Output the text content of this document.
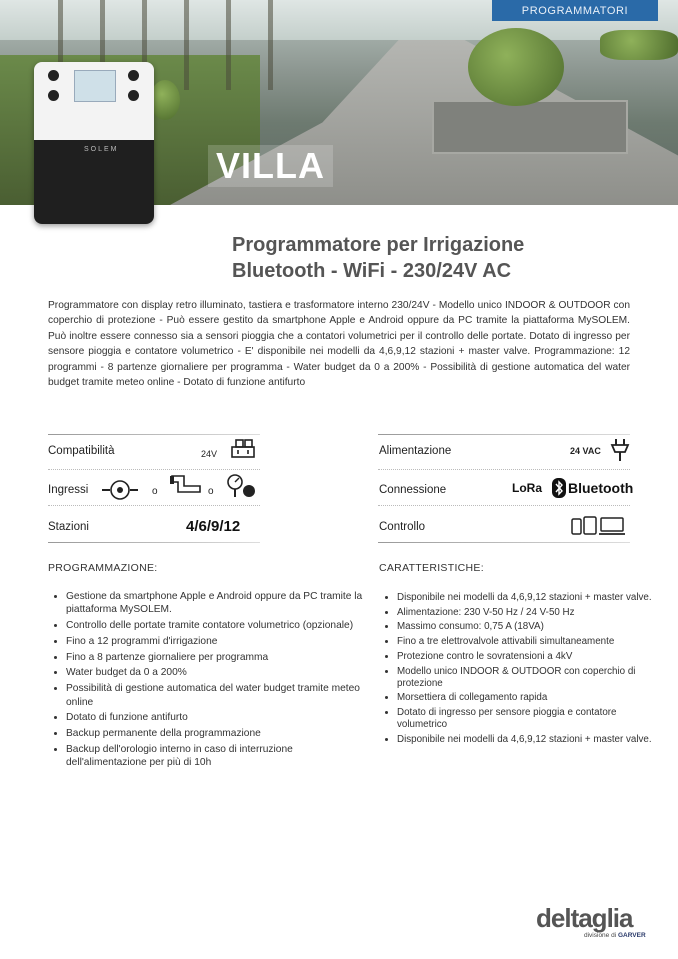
PROGRAMMATORI
VILLA
SOLEM
Programmatore per Irrigazione
Bluetooth - WiFi - 230/24V AC

Programmatore con display retro illuminato, tastiera e trasformatore interno 230/24V - Modello unico INDOOR & OUTDOOR con coperchio di protezione - Può essere gestito da smartphone Apple e Android oppure da PC tramite la piattaforma MySOLEM. Può inoltre essere connesso sia a sensori pioggia che a contatori volumetrici per il controllo delle portate. Dotato di ingresso per sensore pioggia e contatore volumetrico - E' disponibile nei modelli da 4,6,9,12 stazioni + master valve. Programmazione: 12 programmi - 8 partenze giornaliere per programma - Water budget da 0 a 200% - Possibilità di gestione automatica del water budget tramite meteo online - Dotato di funzione antifurto

Compatibilità	24V
Ingressi	o	o
Stazioni	4/6/9/12
Alimentazione	24 VAC
Connessione	LoRa Bluetooth
Controllo
PROGRAMMAZIONE:
• Gestione da smartphone Apple e Android oppure da PC tramite la piattaforma MySOLEM.
• Controllo delle portate tramite contatore volumetrico (opzionale)
• Fino a 12 programmi d'irrigazione
• Fino a 8 partenze giornaliere per programma
• Water budget da 0 a 200%
• Possibilità di gestione automatica del water budget tramite meteo online
• Dotato di funzione antifurto
• Backup permanente della programmazione
• Backup dell'orologio interno in caso di interruzione dell'alimentazione per più di 10h
CARATTERISTICHE:
• Disponibile nei modelli da 4,6,9,12 stazioni + master valve.
• Alimentazione: 230 V-50 Hz / 24 V-50 Hz
• Massimo consumo: 0,75 A (18VA)
• Fino a tre elettrovalvole attivabili simultaneamente
• Protezione contro le sovratensioni a 4kV
• Modello unico INDOOR & OUTDOOR con coperchio di protezione
• Morsettiera di collegamento rapida
• Dotato di ingresso per sensore pioggia e contatore volumetrico
• Disponibile nei modelli da 4,6,9,12 stazioni + master valve.
deltaglia
divisione di GARVER
